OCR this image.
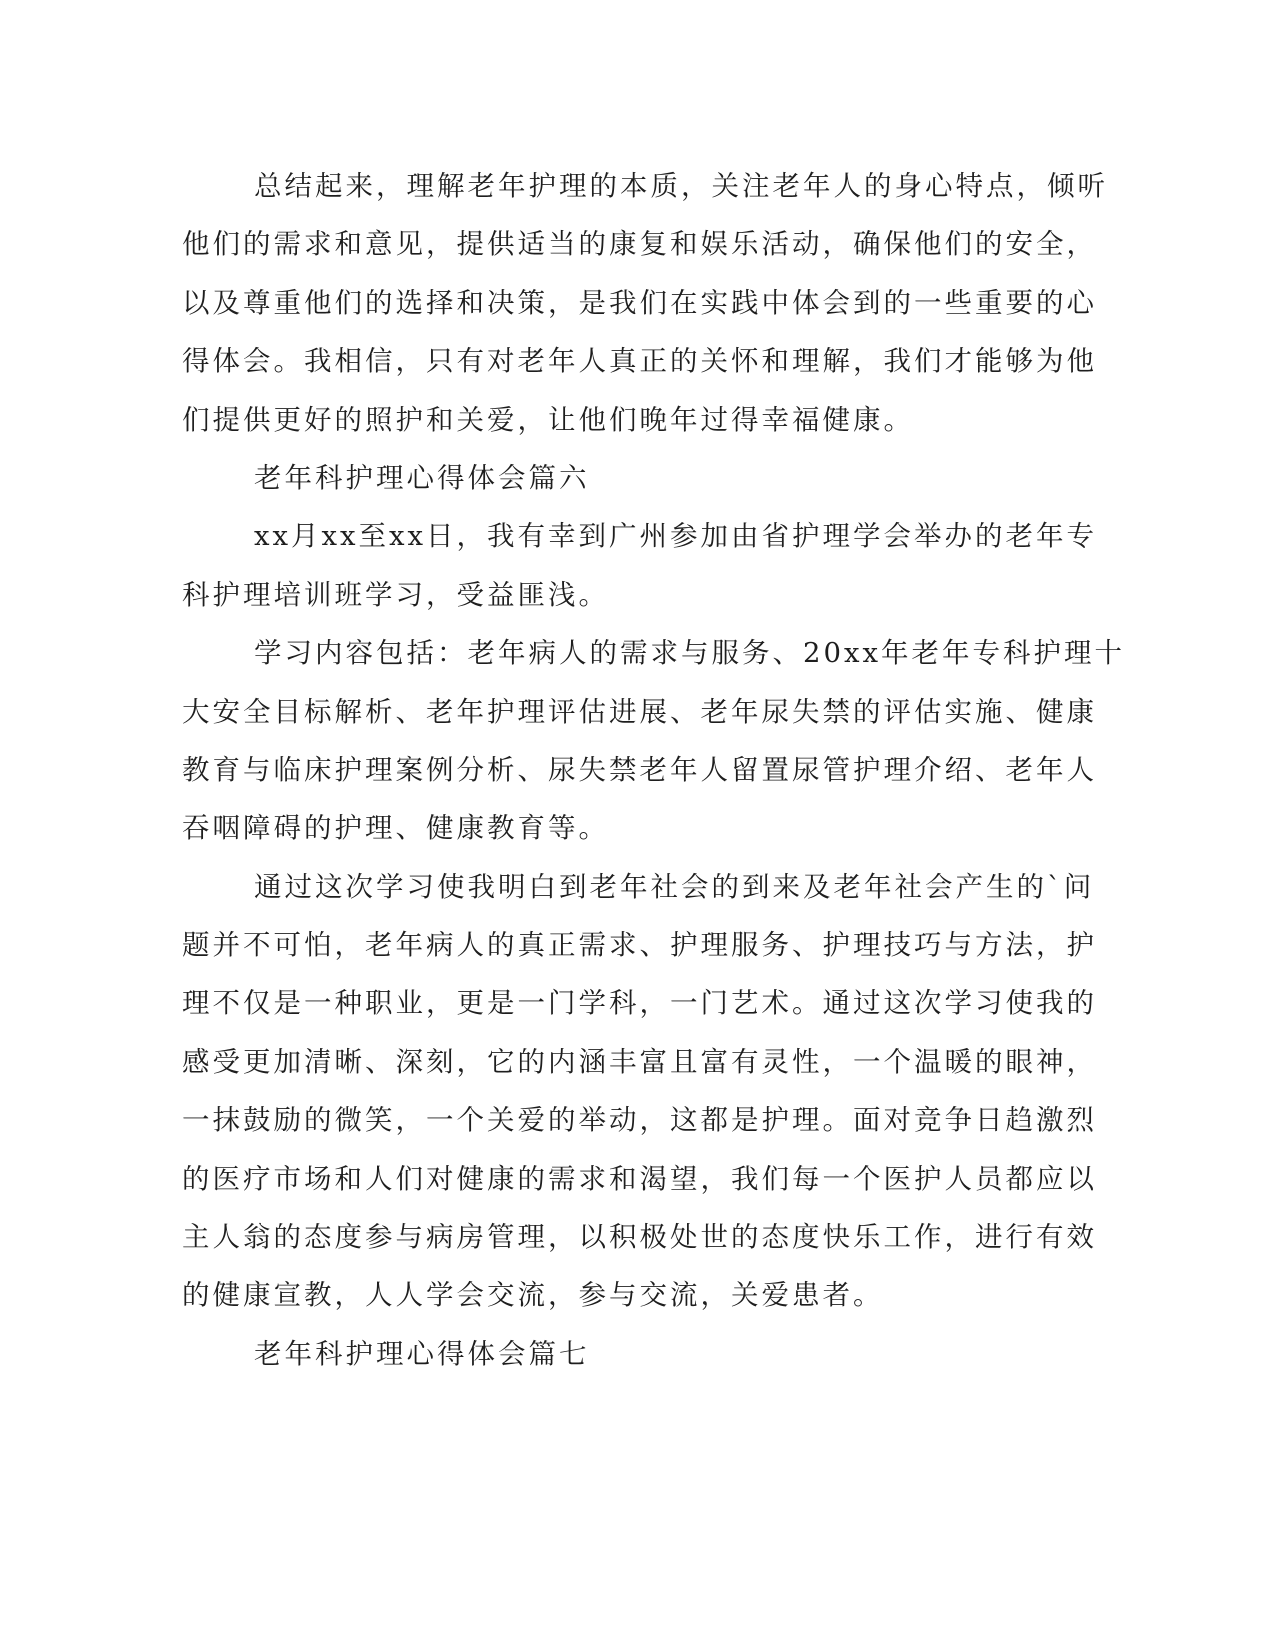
总结起来，理解老年护理的本质，关注老年人的身心特点，倾听
他们的需求和意见，提供适当的康复和娱乐活动，确保他们的安全，
以及尊重他们的选择和决策，是我们在实践中体会到的一些重要的心
得体会。我相信，只有对老年人真正的关怀和理解，我们才能够为他
们提供更好的照护和关爱，让他们晚年过得幸福健康。
老年科护理心得体会篇六
xx月xx至xx日，我有幸到广州参加由省护理学会举办的老年专
科护理培训班学习，受益匪浅。
学习内容包括：老年病人的需求与服务、20xx年老年专科护理十
大安全目标解析、老年护理评估进展、老年尿失禁的评估实施、健康
教育与临床护理案例分析、尿失禁老年人留置尿管护理介绍、老年人
吞咽障碍的护理、健康教育等。
通过这次学习使我明白到老年社会的到来及老年社会产生的`问
题并不可怕，老年病人的真正需求、护理服务、护理技巧与方法，护
理不仅是一种职业，更是一门学科，一门艺术。通过这次学习使我的
感受更加清晰、深刻，它的内涵丰富且富有灵性，一个温暖的眼神，
一抹鼓励的微笑，一个关爱的举动，这都是护理。面对竞争日趋激烈
的医疗市场和人们对健康的需求和渴望，我们每一个医护人员都应以
主人翁的态度参与病房管理，以积极处世的态度快乐工作，进行有效
的健康宣教，人人学会交流，参与交流，关爱患者。
老年科护理心得体会篇七
